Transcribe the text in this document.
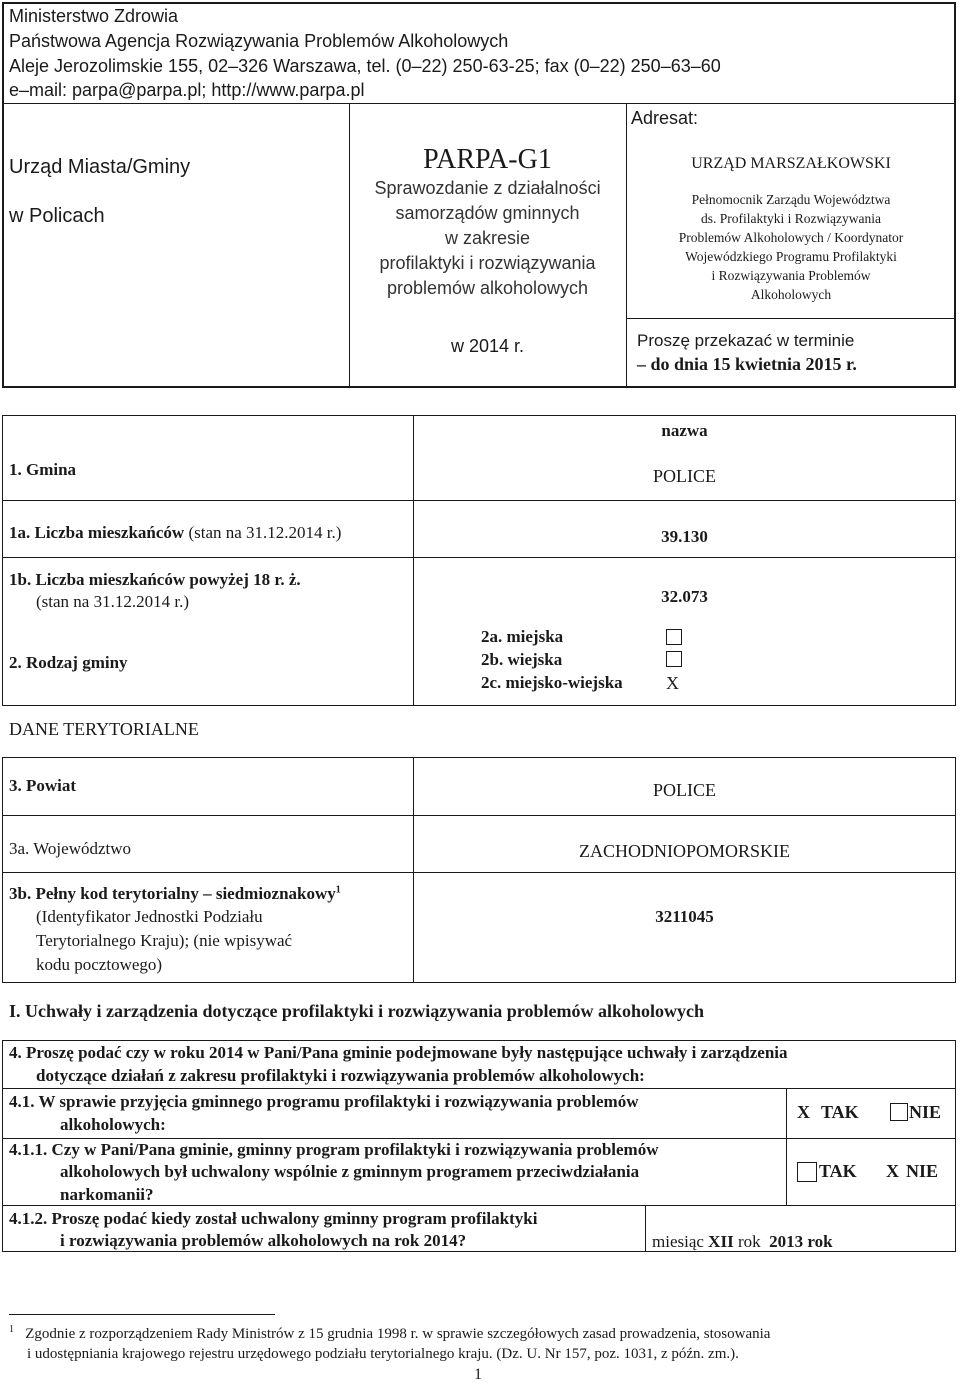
Ministerstwo Zdrowia
Państwowa Agencja Rozwiązywania Problemów Alkoholowych
Aleje Jerozolimskie 155, 02–326 Warszawa, tel. (0–22) 250-63-25; fax (0–22) 250–63–60
e–mail: parpa@parpa.pl; http://www.parpa.pl
Urząd Miasta/Gminy
w Policach
PARPA-G1
Sprawozdanie z działalności
samorządów gminnych
w zakresie
profilaktyki i rozwiązywania
problemów alkoholowych
w 2014 r.
Adresat:
URZĄD MARSZAŁKOWSKI
Pełnomocnik Zarządu Województwa
ds. Profilaktyki i Rozwiązywania
Problemów Alkoholowych / Koordynator
Wojewódzkiego Programu Profilaktyki
i Rozwiązywania Problemów
Alkoholowych
Proszę przekazać w terminie
– do dnia 15 kwietnia 2015 r.
nazwa
1. Gmina	POLICE
1a. Liczba mieszkańców (stan na 31.12.2014 r.)	39.130
1b. Liczba mieszkańców powyżej 18 r. ż.
(stan na 31.12.2014 r.)	32.073
2. Rodzaj gminy
2a. miejska
2b. wiejska
2c. miejsko-wiejska X
DANE TERYTORIALNE
3. Powiat	POLICE
3a. Województwo	ZACHODNIOPOMORSKIE
3b. Pełny kod terytorialny – siedmioznakowy$^1$
(Identyfikator Jednostki Podziału
Terytorialnego Kraju); (nie wpisywać
kodu pocztowego)
3211045
I. Uchwały i zarządzenia dotyczące profilaktyki i rozwiązywania problemów alkoholowych
4. Proszę podać czy w roku 2014 w Pani/Pana gminie podejmowane były następujące uchwały i zarządzenia
dotyczące działań z zakresu profilaktyki i rozwiązywania problemów alkoholowych:
4.1. W sprawie przyjęcia gminnego programu profilaktyki i rozwiązywania problemów
alkoholowych:
X TAK	NIE
4.1.1. Czy w Pani/Pana gminie, gminny program profilaktyki i rozwiązywania problemów
alkoholowych był uchwalony wspólnie z gminnym programem przeciwdziałania
narkomanii?
TAK X NIE
4.1.2. Proszę podać kiedy został uchwalony gminny program profilaktyki
i rozwiązywania problemów alkoholowych na rok 2014?	miesiąc XII rok 2013 rok
$^1$ Zgodnie z rozporządzeniem Rady Ministrów z 15 grudnia 1998 r. w sprawie szczegółowych zasad prowadzenia, stosowania
i udostępniania krajowego rejestru urzędowego podziału terytorialnego kraju. (Dz. U. Nr 157, poz. 1031, z późn. zm.).
1
